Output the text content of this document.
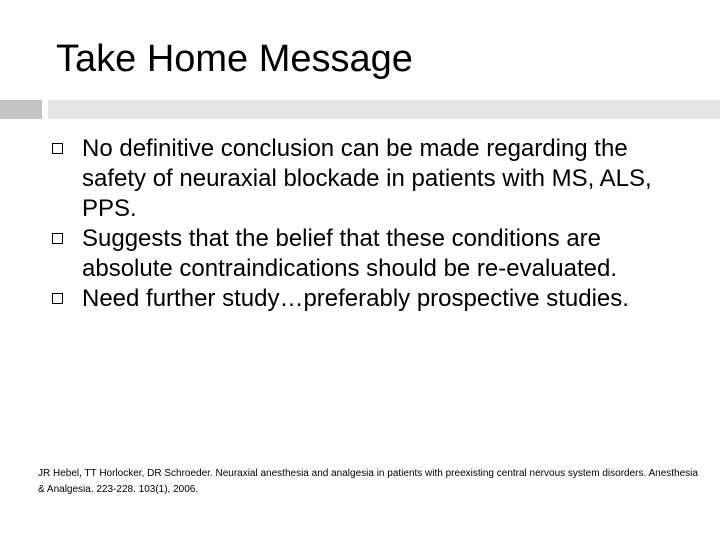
Take Home Message
No definitive conclusion can be made regarding the safety of neuraxial blockade in patients with MS, ALS, PPS.
Suggests that the belief that these conditions are absolute contraindications should be re-evaluated.
Need further study…preferably prospective studies.
JR Hebel, TT Horlocker, DR Schroeder. Neuraxial anesthesia and analgesia in patients with preexisting central nervous system disorders. Anesthesia & Analgesia. 223-228. 103(1), 2006.
